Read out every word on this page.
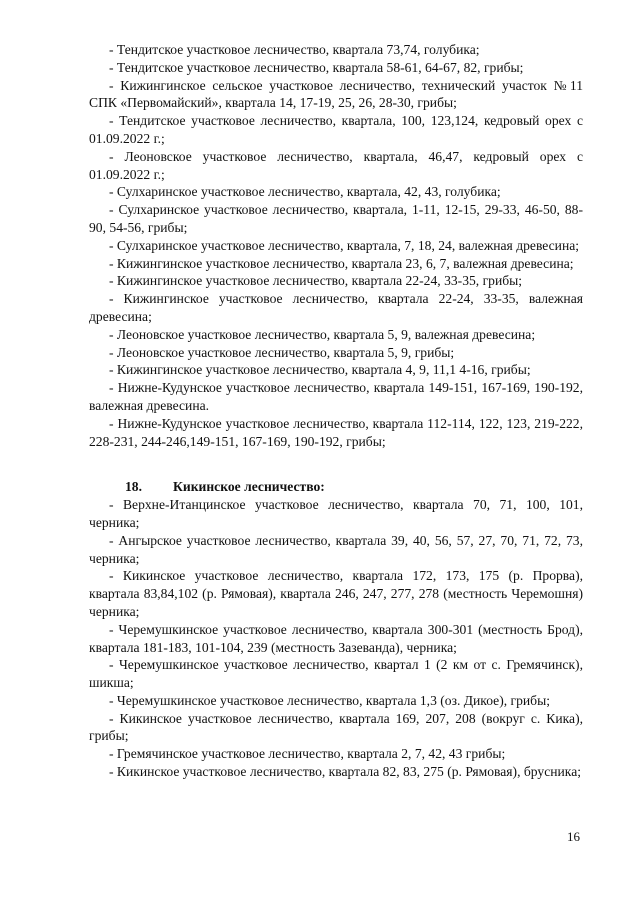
- Тендитское участковое лесничество, квартала 73,74, голубика;

- Тендитское участковое лесничество, квартала 58-61, 64-67, 82, грибы;

- Кижингинское сельское участковое лесничество, технический участок №11 СПК «Первомайский», квартала 14, 17-19, 25, 26, 28-30, грибы;

- Тендитское участковое лесничество, квартала, 100, 123,124, кедровый орех с 01.09.2022 г.;

- Леоновское участковое лесничество, квартала, 46,47, кедровый орех с 01.09.2022 г.;

- Сулхаринское участковое лесничество, квартала, 42, 43, голубика;

- Сулхаринское участковое лесничество, квартала, 1-11, 12-15, 29-33, 46-50, 88-90, 54-56, грибы;

- Сулхаринское участковое лесничество, квартала, 7, 18, 24, валежная древесина;

- Кижингинское участковое лесничество, квартала 23, 6, 7, валежная древесина;

- Кижингинское участковое лесничество, квартала 22-24, 33-35, грибы;

- Кижингинское участковое лесничество, квартала 22-24, 33-35, валежная древесина;

- Леоновское участковое лесничество, квартала 5, 9, валежная древесина;

- Леоновское участковое лесничество, квартала 5, 9, грибы;

- Кижингинское участковое лесничество, квартала 4, 9, 11,1 4-16, грибы;

- Нижне-Кудунское участковое лесничество, квартала 149-151, 167-169, 190-192, валежная древесина.

- Нижне-Кудунское участковое лесничество, квартала 112-114, 122, 123, 219-222, 228-231, 244-246,149-151, 167-169, 190-192, грибы;

18. Кикинское лесничество:

- Верхне-Итанцинское участковое лесничество, квартала 70, 71, 100, 101, черника;

- Ангырское участковое лесничество, квартала 39, 40, 56, 57, 27, 70, 71, 72, 73, черника;

- Кикинское участковое лесничество, квартала 172, 173, 175 (р. Прорва), квартала 83,84,102 (р. Рямовая), квартала 246, 247, 277, 278 (местность Черемошня) черника;

- Черемушкинское участковое лесничество, квартала 300-301 (местность Брод), квартала 181-183, 101-104, 239 (местность Зазеванда), черника;

- Черемушкинское участковое лесничество, квартал 1 (2 км от с. Гремячинск), шикша;

- Черемушкинское участковое лесничество, квартала 1,3 (оз. Дикое), грибы;

- Кикинское участковое лесничество, квартала 169, 207, 208 (вокруг с. Кика), грибы;

- Гремячинское участковое лесничество, квартала 2, 7, 42, 43 грибы;

- Кикинское участковое лесничество, квартала 82, 83, 275 (р. Рямовая), брусника;

16
